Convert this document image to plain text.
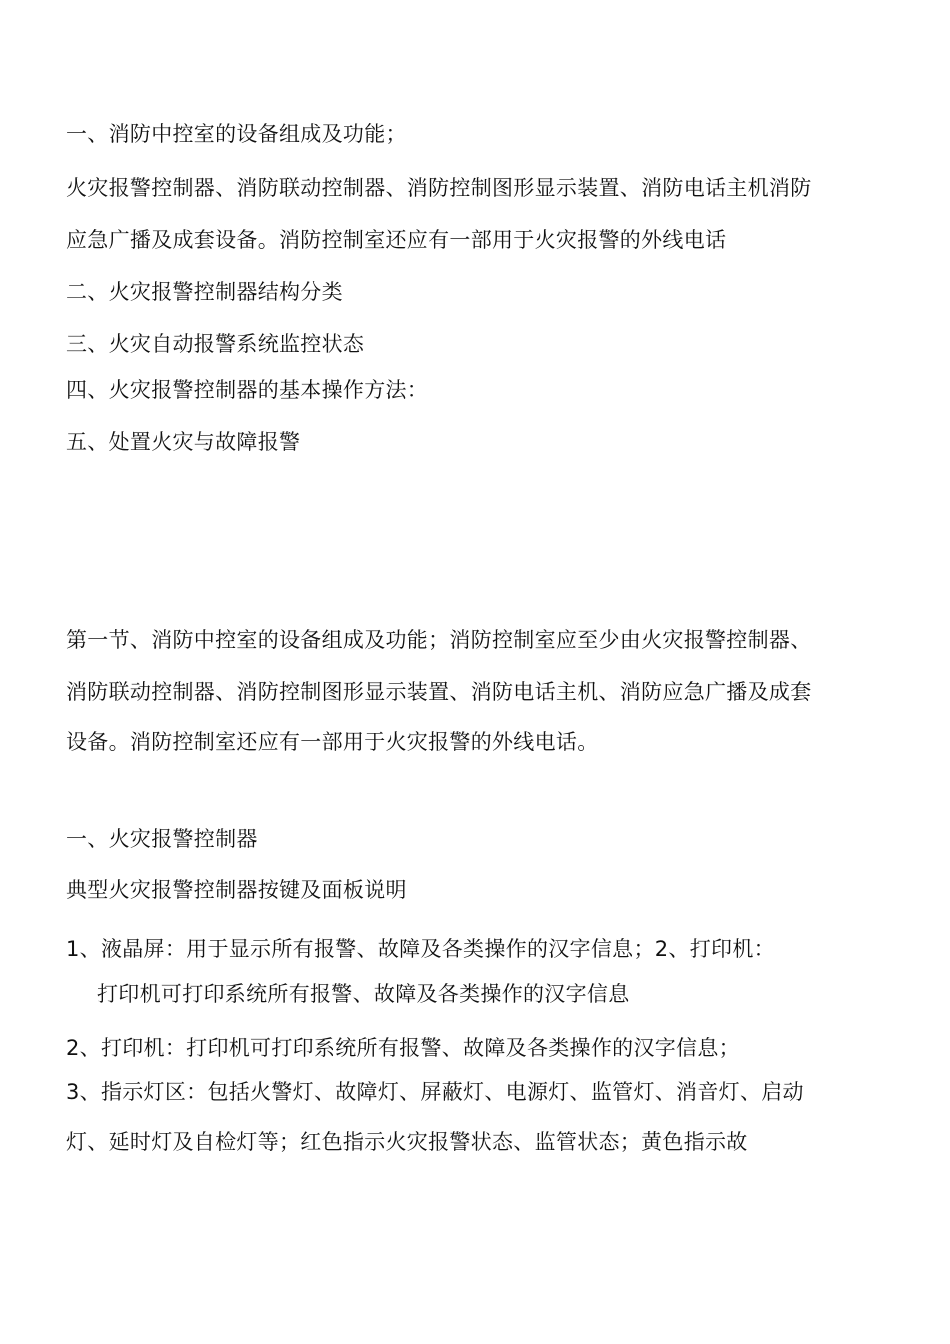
一、消防中控室的设备组成及功能；
火灾报警控制器、消防联动控制器、消防控制图形显示装置、消防电话主机消防
应急广播及成套设备。消防控制室还应有一部用于火灾报警的外线电话
二、火灾报警控制器结构分类
三、火灾自动报警系统监控状态
四、火灾报警控制器的基本操作方法：
五、处置火灾与故障报警
第一节、消防中控室的设备组成及功能；消防控制室应至少由火灾报警控制器、
消防联动控制器、消防控制图形显示装置、消防电话主机、消防应急广播及成套
设备。消防控制室还应有一部用于火灾报警的外线电话。
一、火灾报警控制器
典型火灾报警控制器按键及面板说明
1、液晶屏：用于显示所有报警、故障及各类操作的汉字信息；2、打印机：
打印机可打印系统所有报警、故障及各类操作的汉字信息
2、打印机：打印机可打印系统所有报警、故障及各类操作的汉字信息；
3、指示灯区：包括火警灯、故障灯、屏蔽灯、电源灯、监管灯、消音灯、启动
灯、延时灯及自检灯等；红色指示火灾报警状态、监管状态；黄色指示故
